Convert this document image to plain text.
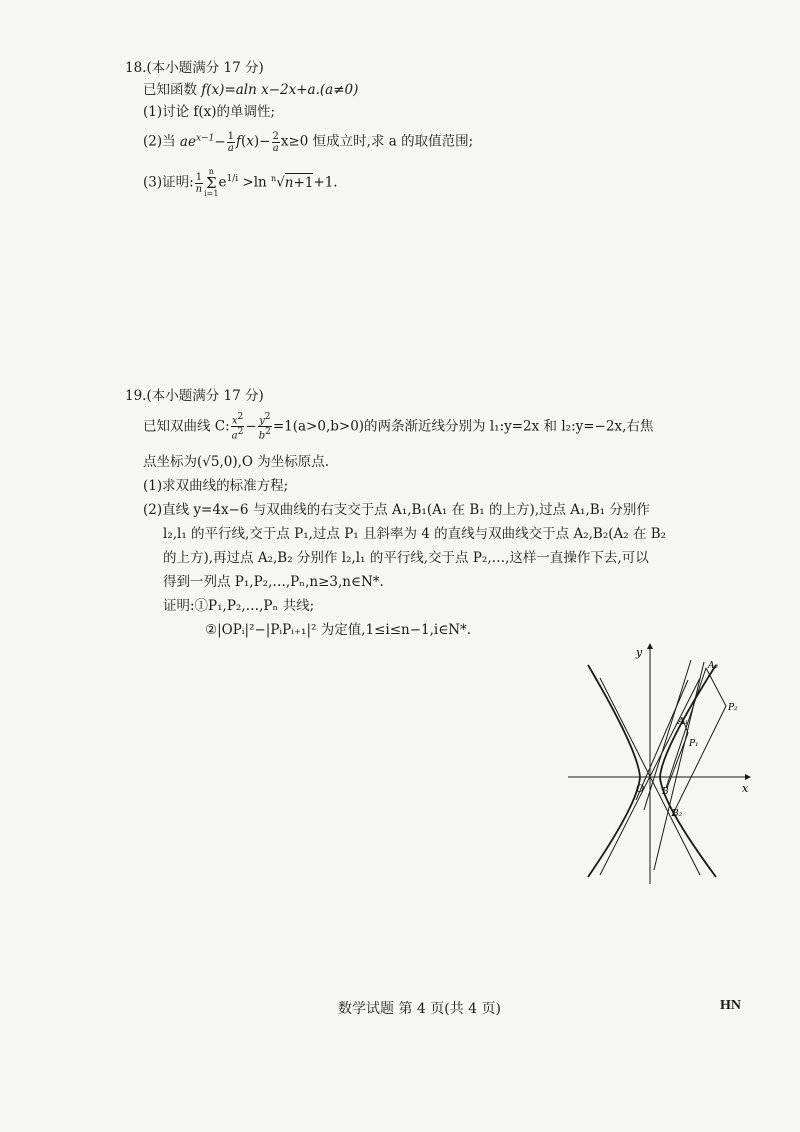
18.(本小题满分 17 分)
已知函数 f(x)=aln x−2x+a.(a≠0)
(1)讨论 f(x)的单调性;
(2)当 $ae^{x-1}- \frac{1}{a} f(x)- \frac{2}{a} x\ge 0$ 恒成立时,求 a 的取值范围;
(3)证明: $\frac{1}{n}$ n
Σ
$i=1e^{1/i} >\ln$ $^n$√n+1+1.
19.(本小题满分 17 分)
已知双曲线 C: $\frac{x^2}{a^2} - \frac{y^2}{b^2} =1(a>0,b>0)$的两条渐近线分别为 l₁:y=2x 和 l₂:y=−2x,右焦
点坐标为(√5,0),O 为坐标原点.
(1)求双曲线的标准方程;
(2)直线 y=4x−6 与双曲线的右支交于点 A₁,B₁(A₁ 在 B₁ 的上方),过点 A₁,B₁ 分别作
l₂,l₁ 的平行线,交于点 P₁,过点 P₁ 且斜率为 4 的直线与双曲线交于点 A₂,B₂(A₂ 在 B₂
的上方),再过点 A₂,B₂ 分别作 l₂,l₁ 的平行线,交于点 P₂,…,这样一直操作下去,可以
得到一列点 P₁,P₂,…,Pₙ,n≥3,n∈N*.
证明:①P₁,P₂,…,Pₙ 共线;
②|OPᵢ|²−|PᵢPᵢ₊₁|² 为定值,1≤i≤n−1,i∈N*.
y
x
O
A₂
A₁
P₁
P₂
B
B₂
数学试题 第 4 页(共 4 页)	HN
